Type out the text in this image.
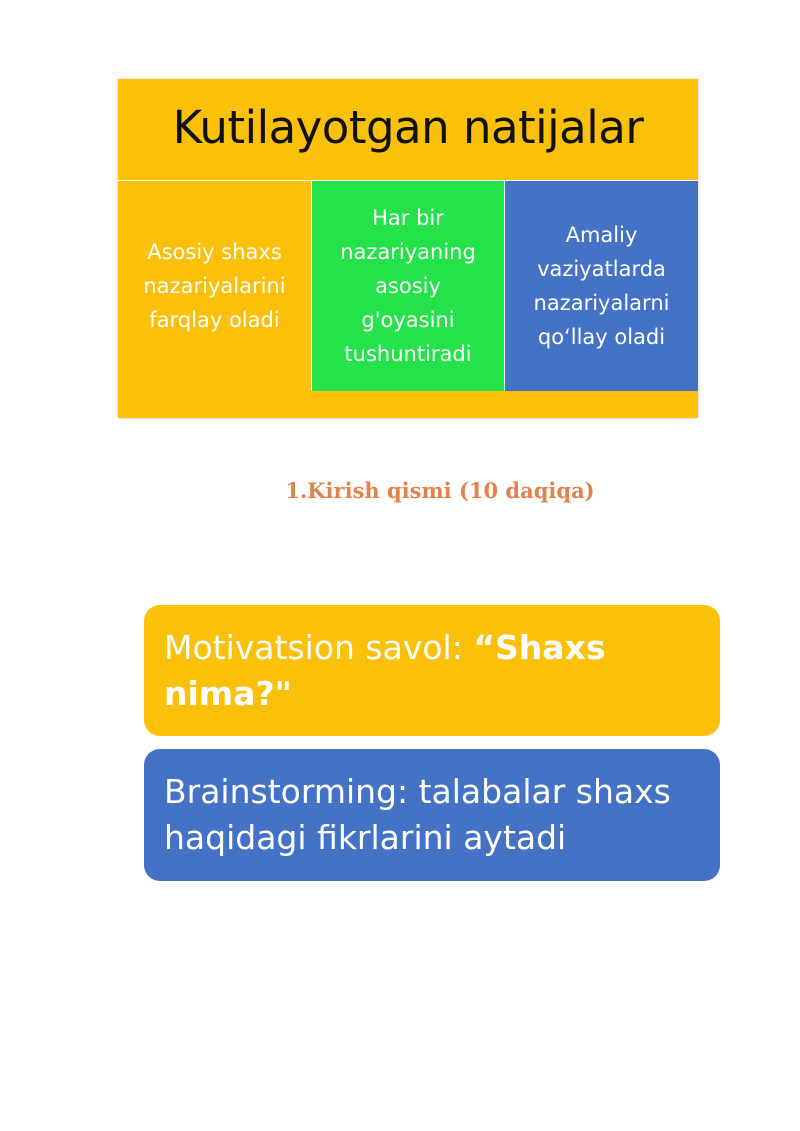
Kutilayotgan natijalar
Asosiy shaxs
nazariyalarini
farqlay oladi
Har bir
nazariyaning
asosiy
g'oyasini
tushuntiradi
Amaliy
vaziyatlarda
nazariyalarni
qo‘llay oladi
1.Kirish qismi (10 daqiqa)
Motivatsion savol: “Shaxs nima?"
Brainstorming: talabalar shaxs haqidagi fikrlarini aytadi
